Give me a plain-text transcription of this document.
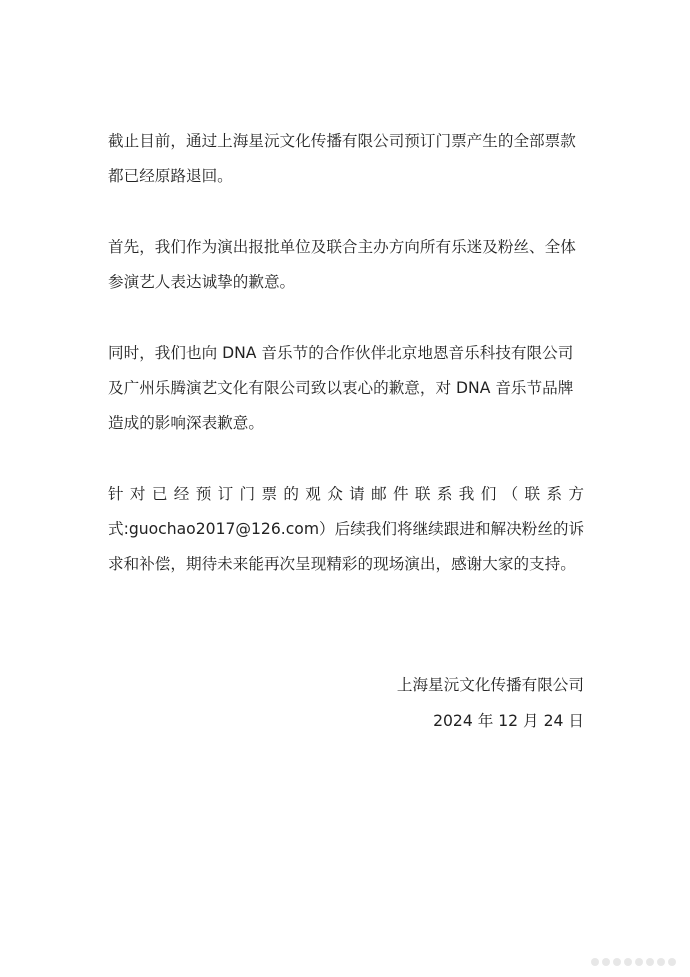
截止目前，通过上海星沅文化传播有限公司预订门票产生的全部票款
都已经原路退回。

首先，我们作为演出报批单位及联合主办方向所有乐迷及粉丝、全体
参演艺人表达诚挚的歉意。

同时，我们也向 DNA 音乐节的合作伙伴北京地恩音乐科技有限公司
及广州乐腾演艺文化有限公司致以衷心的歉意，对 DNA 音乐节品牌
造成的影响深表歉意。

针对已经预订门票的观众请邮件联系我们（联系方
式:guochao2017@126.com）后续我们将继续跟进和解决粉丝的诉
求和补偿，期待未来能再次呈现精彩的现场演出，感谢大家的支持。

上海星沅文化传播有限公司
2024 年 12 月 24 日
